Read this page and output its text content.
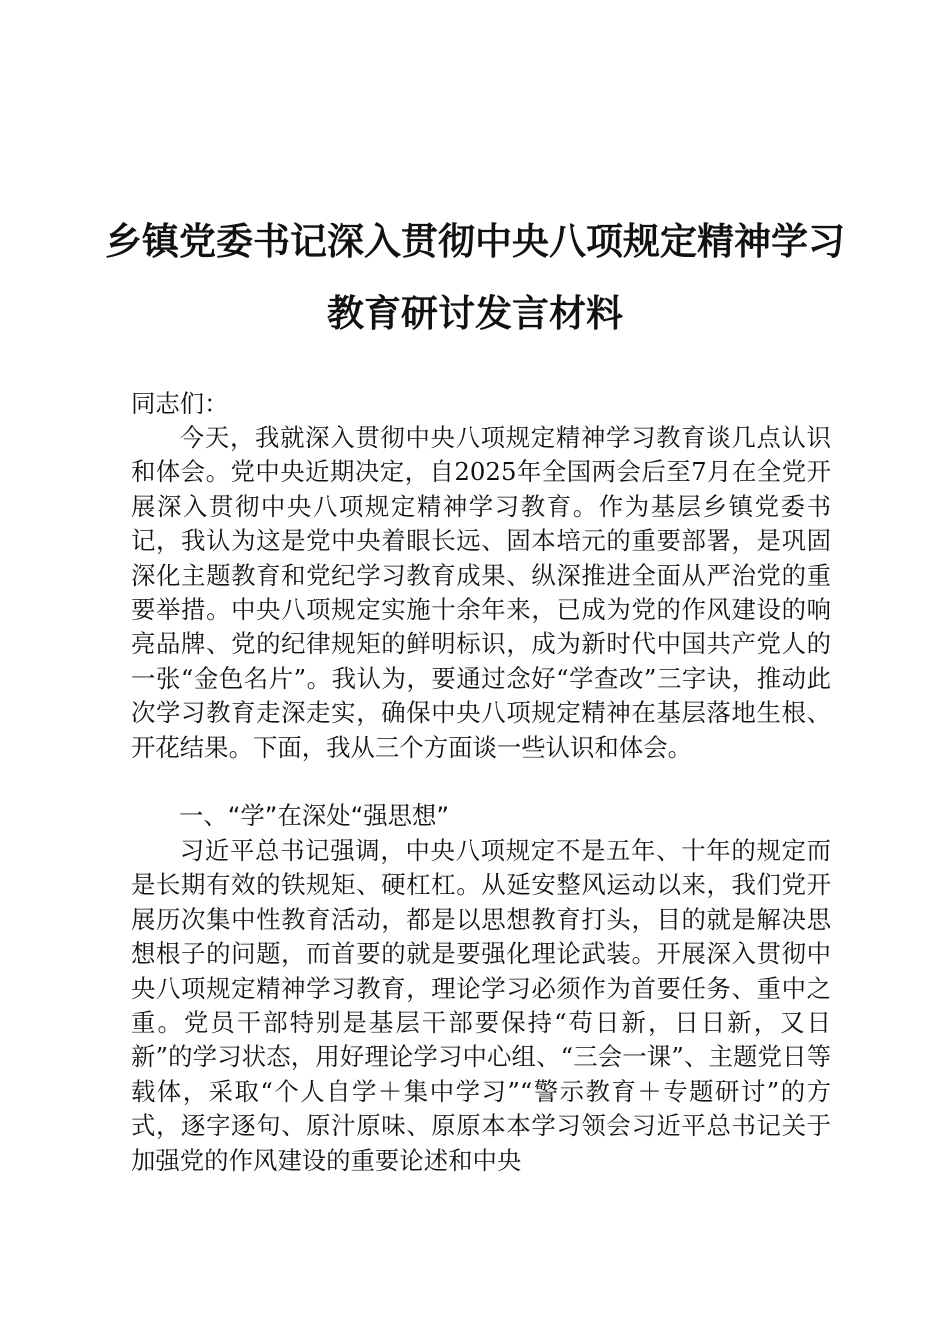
乡镇党委书记深入贯彻中央八项规定精神学习
教育研讨发言材料
同志们：

今天，我就深入贯彻中央八项规定精神学习教育谈几点认识和体会。党中央近期决定，自2025年全国两会后至7月在全党开展深入贯彻中央八项规定精神学习教育。作为基层乡镇党委书记，我认为这是党中央着眼长远、固本培元的重要部署，是巩固深化主题教育和党纪学习教育成果、纵深推进全面从严治党的重要举措。中央八项规定实施十余年来，已成为党的作风建设的响亮品牌、党的纪律规矩的鲜明标识，成为新时代中国共产党人的一张“金色名片”。我认为，要通过念好“学查改”三字诀，推动此次学习教育走深走实，确保中央八项规定精神在基层落地生根、开花结果。下面，我从三个方面谈一些认识和体会。

一、“学”在深处“强思想”

习近平总书记强调，中央八项规定不是五年、十年的规定而是长期有效的铁规矩、硬杠杠。从延安整风运动以来，我们党开展历次集中性教育活动，都是以思想教育打头，目的就是解决思想根子的问题，而首要的就是要强化理论武装。开展深入贯彻中央八项规定精神学习教育，理论学习必须作为首要任务、重中之重。党员干部特别是基层干部要保持“苟日新，日日新，又日新”的学习状态，用好理论学习中心组、“三会一课”、主题党日等载体，采取“个人自学＋集中学习”“警示教育＋专题研讨”的方式，逐字逐句、原汁原味、原原本本学习领会习近平总书记关于加强党的作风建设的重要论述和中央
